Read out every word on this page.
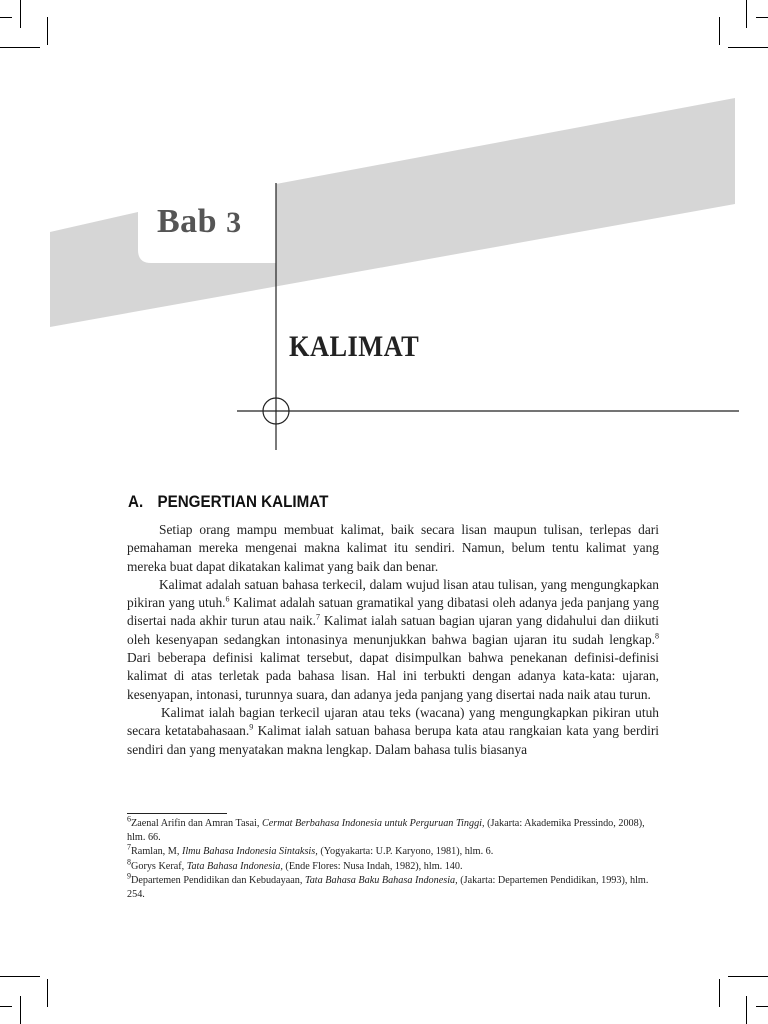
Bab 3
KALIMAT
A. PENGERTIAN KALIMAT

Setiap orang mampu membuat kalimat, baik secara lisan maupun tulisan, terlepas dari pemahaman mereka mengenai makna kalimat itu sendiri. Namun, belum tentu kalimat yang mereka buat dapat dikatakan kalimat yang baik dan benar.

Kalimat adalah satuan bahasa terkecil, dalam wujud lisan atau tulisan, yang mengungkapkan pikiran yang utuh.$^6$ Kalimat adalah satuan gramatikal yang dibatasi oleh adanya jeda panjang yang disertai nada akhir turun atau naik.$^7$ Kalimat ialah satuan bagian ujaran yang didahului dan diikuti oleh kesenyapan sedangkan intonasinya menunjukkan bahwa bagian ujaran itu sudah lengkap.$^8$ Dari beberapa definisi kalimat tersebut, dapat disimpulkan bahwa penekanan definisi-definisi kalimat di atas terletak pada bahasa lisan. Hal ini terbukti dengan adanya kata-kata: ujaran, kesenyapan, intonasi, turunnya suara, dan adanya jeda panjang yang disertai nada naik atau turun.

Kalimat ialah bagian terkecil ujaran atau teks (wacana) yang mengungkapkan pikiran utuh secara ketatabahasaan.$^9$ Kalimat ialah satuan bahasa berupa kata atau rangkaian kata yang berdiri sendiri dan yang menyatakan makna lengkap. Dalam bahasa tulis biasanya

$^6$Zaenal Arifin dan Amran Tasai, Cermat Berbahasa Indonesia untuk Perguruan Tinggi, (Jakarta: Akademika Pressindo, 2008), hlm. 66.

$^7$Ramlan, M, Ilmu Bahasa Indonesia Sintaksis, (Yogyakarta: U.P. Karyono, 1981), hlm. 6.

$^8$Gorys Keraf, Tata Bahasa Indonesia, (Ende Flores: Nusa Indah, 1982), hlm. 140.

$^9$Departemen Pendidikan dan Kebudayaan, Tata Bahasa Baku Bahasa Indonesia, (Jakarta: Departemen Pendidikan, 1993), hlm. 254.
